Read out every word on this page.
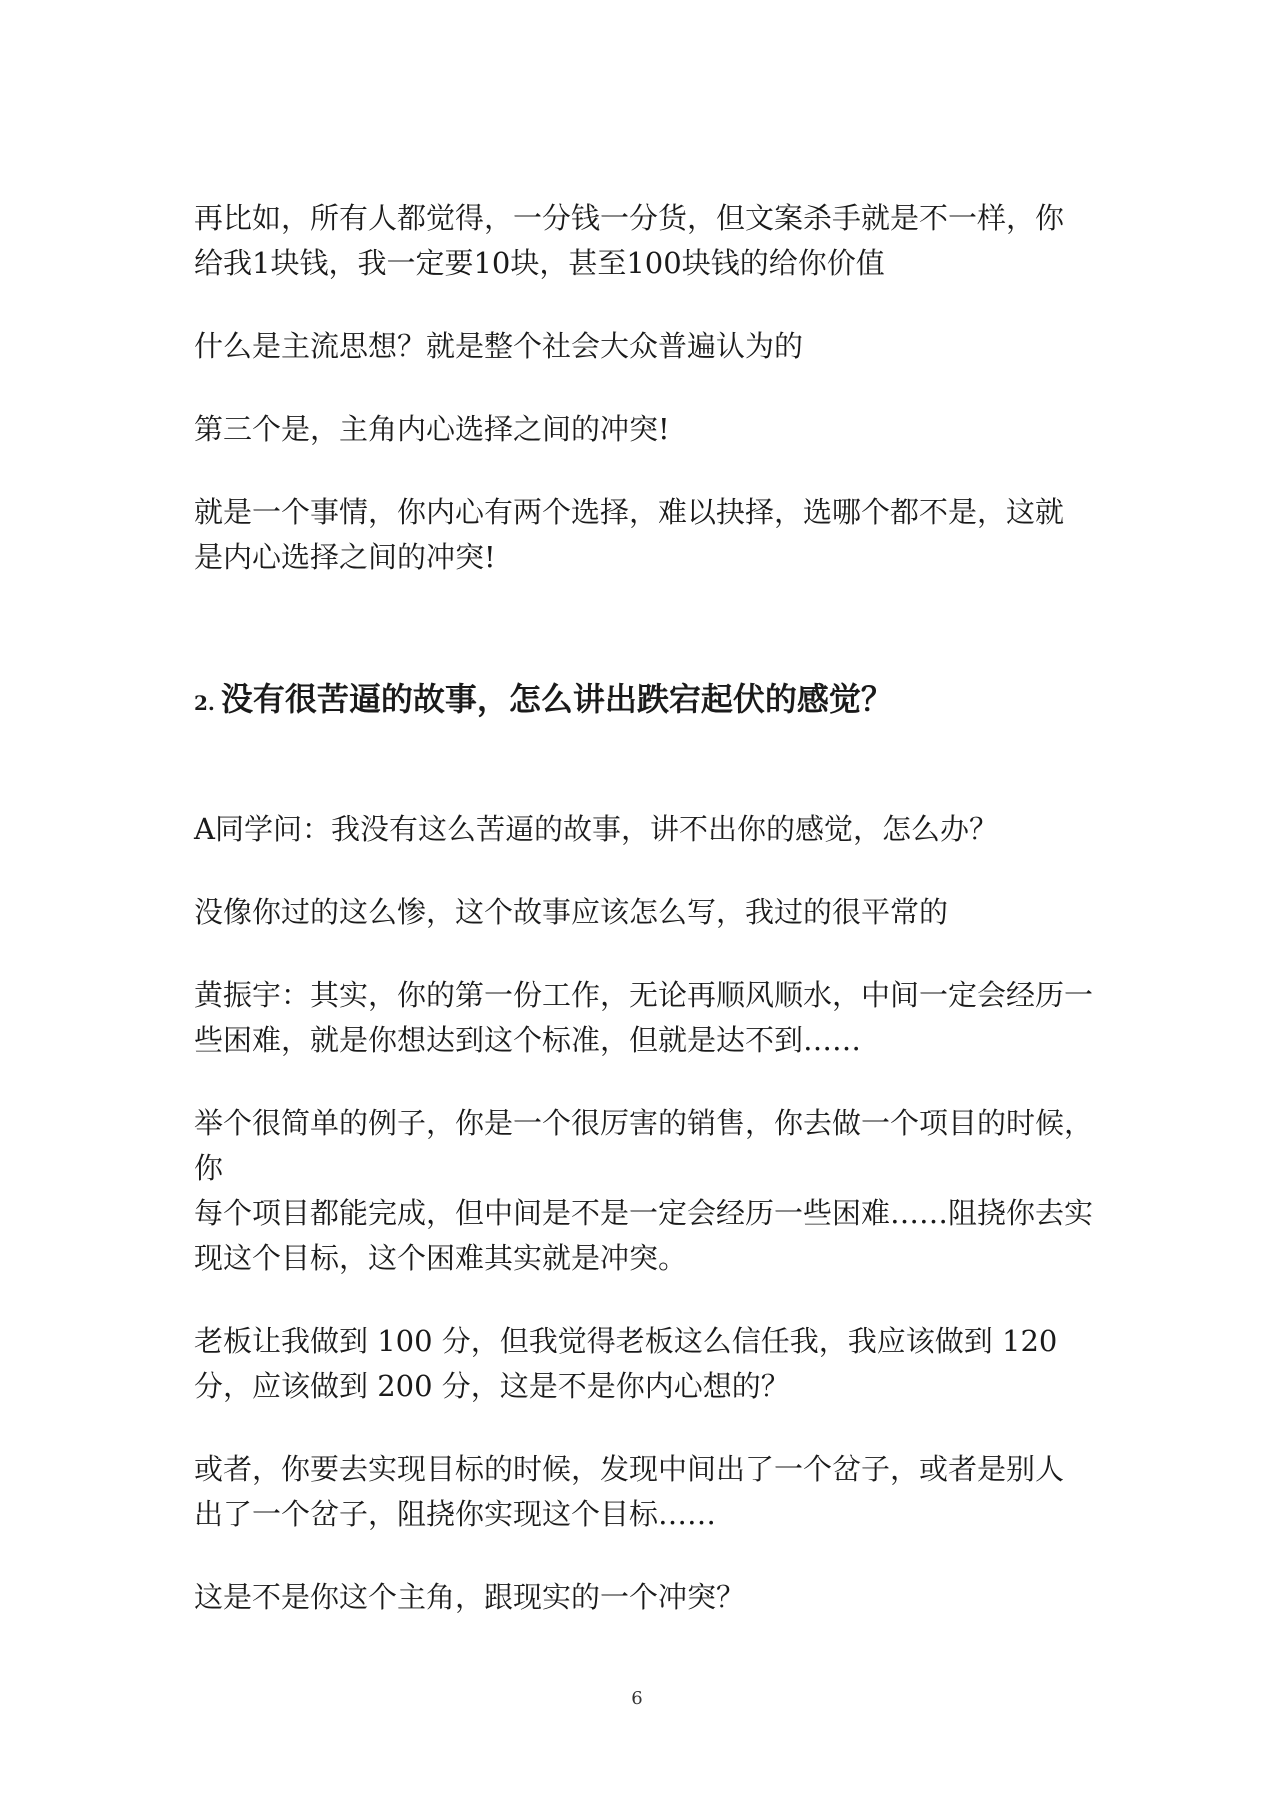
再比如，所有人都觉得，一分钱一分货，但文案杀手就是不一样，你
给我1块钱，我一定要10块，甚至100块钱的给你价值

什么是主流思想？就是整个社会大众普遍认为的

第三个是，主角内心选择之间的冲突!

就是一个事情，你内心有两个选择，难以抉择，选哪个都不是，这就
是内心选择之间的冲突!

2. 没有很苦逼的故事，怎么讲出跌宕起伏的感觉？

A同学问：我没有这么苦逼的故事，讲不出你的感觉，怎么办？

没像你过的这么惨，这个故事应该怎么写，我过的很平常的

黄振宇：其实，你的第一份工作，无论再顺风顺水，中间一定会经历一
些困难，就是你想达到这个标准，但就是达不到……

举个很简单的例子，你是一个很厉害的销售，你去做一个项目的时候，你
每个项目都能完成，但中间是不是一定会经历一些困难……阻挠你去实
现这个目标，这个困难其实就是冲突。

老板让我做到 100 分，但我觉得老板这么信任我，我应该做到 120
分，应该做到 200 分，这是不是你内心想的？

或者，你要去实现目标的时候，发现中间出了一个岔子，或者是别人
出了一个岔子，阻挠你实现这个目标……

这是不是你这个主角，跟现实的一个冲突？

6
